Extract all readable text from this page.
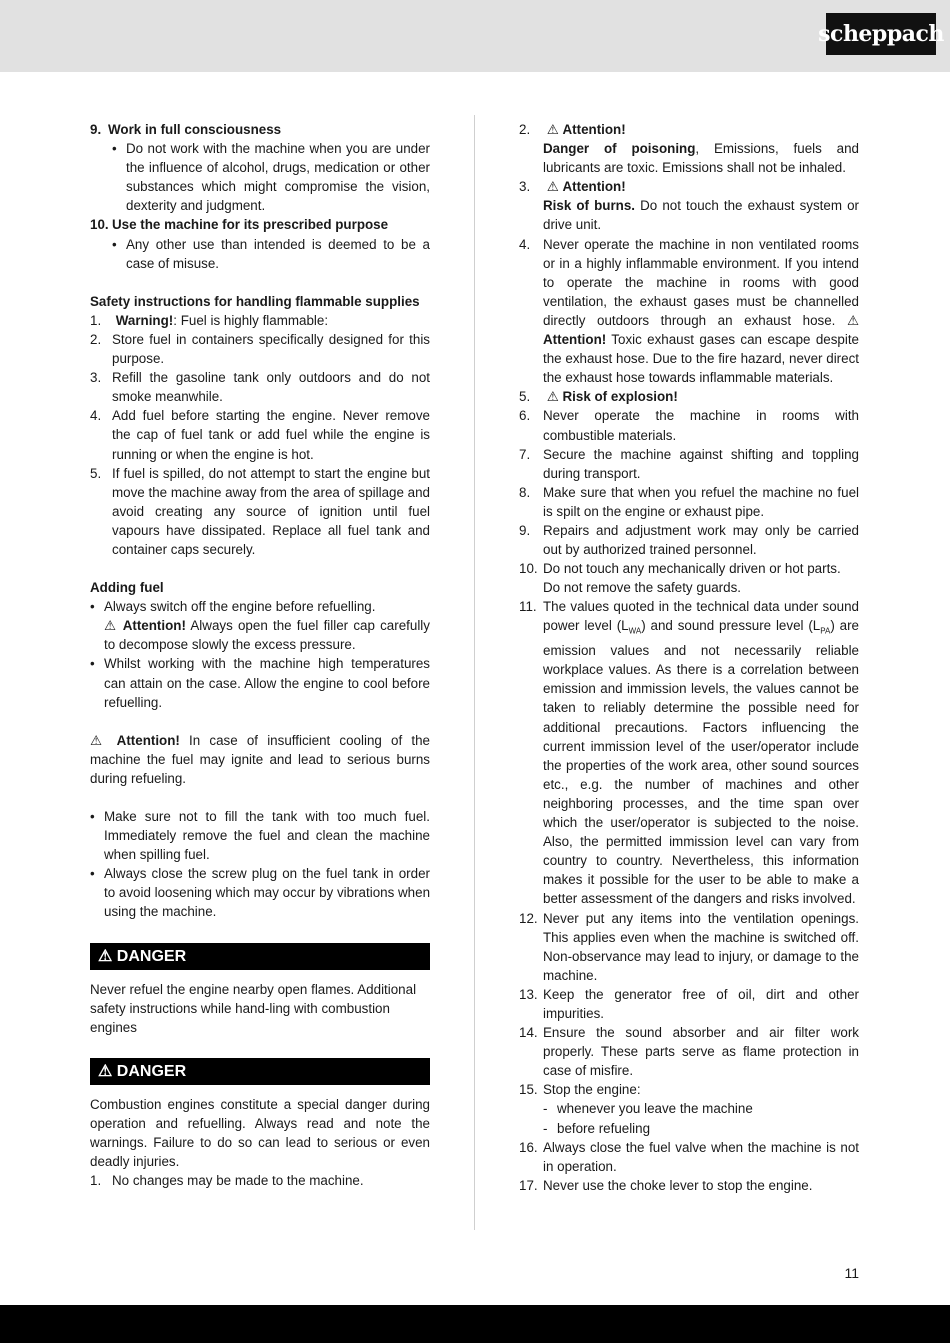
scheppach
9. Work in full consciousness
• Do not work with the machine when you are under the influence of alcohol, drugs, medication or other substances which might compromise the vision, dexterity and judgment.
10. Use the machine for its prescribed purpose
• Any other use than intended is deemed to be a case of misuse.
Safety instructions for handling flammable supplies
1.	Warning!: Fuel is highly flammable:
2. Store fuel in containers specifically designed for this purpose.
3. Refill the gasoline tank only outdoors and do not smoke meanwhile.
4. Add fuel before starting the engine. Never remove the cap of fuel tank or add fuel while the engine is running or when the engine is hot.
5. If fuel is spilled, do not attempt to start the engine but move the machine away from the area of spillage and avoid creating any source of ignition until fuel vapours have dissipated. Replace all fuel tank and container caps securely.
Adding fuel
• Always switch off the engine before refuelling.
⚠ Attention! Always open the fuel filler cap carefully to decompose slowly the excess pressure.
• Whilst working with the machine high temperatures can attain on the case. Allow the engine to cool before refuelling.
⚠ Attention! In case of insufficient cooling of the machine the fuel may ignite and lead to serious burns during refueling.
• Make sure not to fill the tank with too much fuel. Immediately remove the fuel and clean the machine when spilling fuel.
• Always close the screw plug on the fuel tank in order to avoid loosening which may occur by vibrations when using the machine.
⚠
DANGER
Never refuel the engine nearby open flames. Additional safety instructions while hand-ling with combustion engines
⚠
DANGER
Combustion engines constitute a special danger during operation and refuelling. Always read and note the warnings. Failure to do so can lead to serious or even deadly injuries.
1. No changes may be made to the machine.
2.	⚠ Attention!
Danger of poisoning, Emissions, fuels and lubricants are toxic. Emissions shall not be inhaled.
3.	⚠ Attention!
Risk of burns. Do not touch the exhaust system or drive unit.
4. Never operate the machine in non ventilated rooms or in a highly inflammable environment. If you intend to operate the machine in rooms with good ventilation, the exhaust gases must be channelled directly outdoors through an exhaust hose. ⚠ Attention! Toxic exhaust gases can escape despite the exhaust hose. Due to the fire hazard, never direct the exhaust hose towards inflammable materials.
5.	⚠ Risk of explosion!
6. Never operate the machine in rooms with combustible materials.
7. Secure the machine against shifting and toppling during transport.
8. Make sure that when you refuel the machine no fuel is spilt on the engine or exhaust pipe.
9. Repairs and adjustment work may only be carried out by authorized trained personnel.
10. Do not touch any mechanically driven or hot parts. Do not remove the safety guards.
11. The values quoted in the technical data under sound power level $(L_{WA})$ and sound pressure level $(L_{PA})$ are emission values and not necessarily reliable workplace values. As there is a correlation between emission and immission levels, the values cannot be taken to reliably determine the possible need for additional precautions. Factors influencing the current immission level of the user/operator include the properties of the work area, other sound sources etc., e.g. the number of machines and other neighboring processes, and the time span over which the user/operator is subjected to the noise. Also, the permitted immission level can vary from country to country. Nevertheless, this information makes it possible for the user to be able to make a better assessment of the dangers and risks involved.
12. Never put any items into the ventilation openings. This applies even when the machine is switched off. Non-observance may lead to injury, or damage to the machine.
13. Keep the generator free of oil, dirt and other impurities.
14. Ensure the sound absorber and air filter work properly. These parts serve as flame protection in case of misfire.
15. Stop the engine:
- whenever you leave the machine
- before refueling
16. Always close the fuel valve when the machine is not in operation.
17. Never use the choke lever to stop the engine.
11
